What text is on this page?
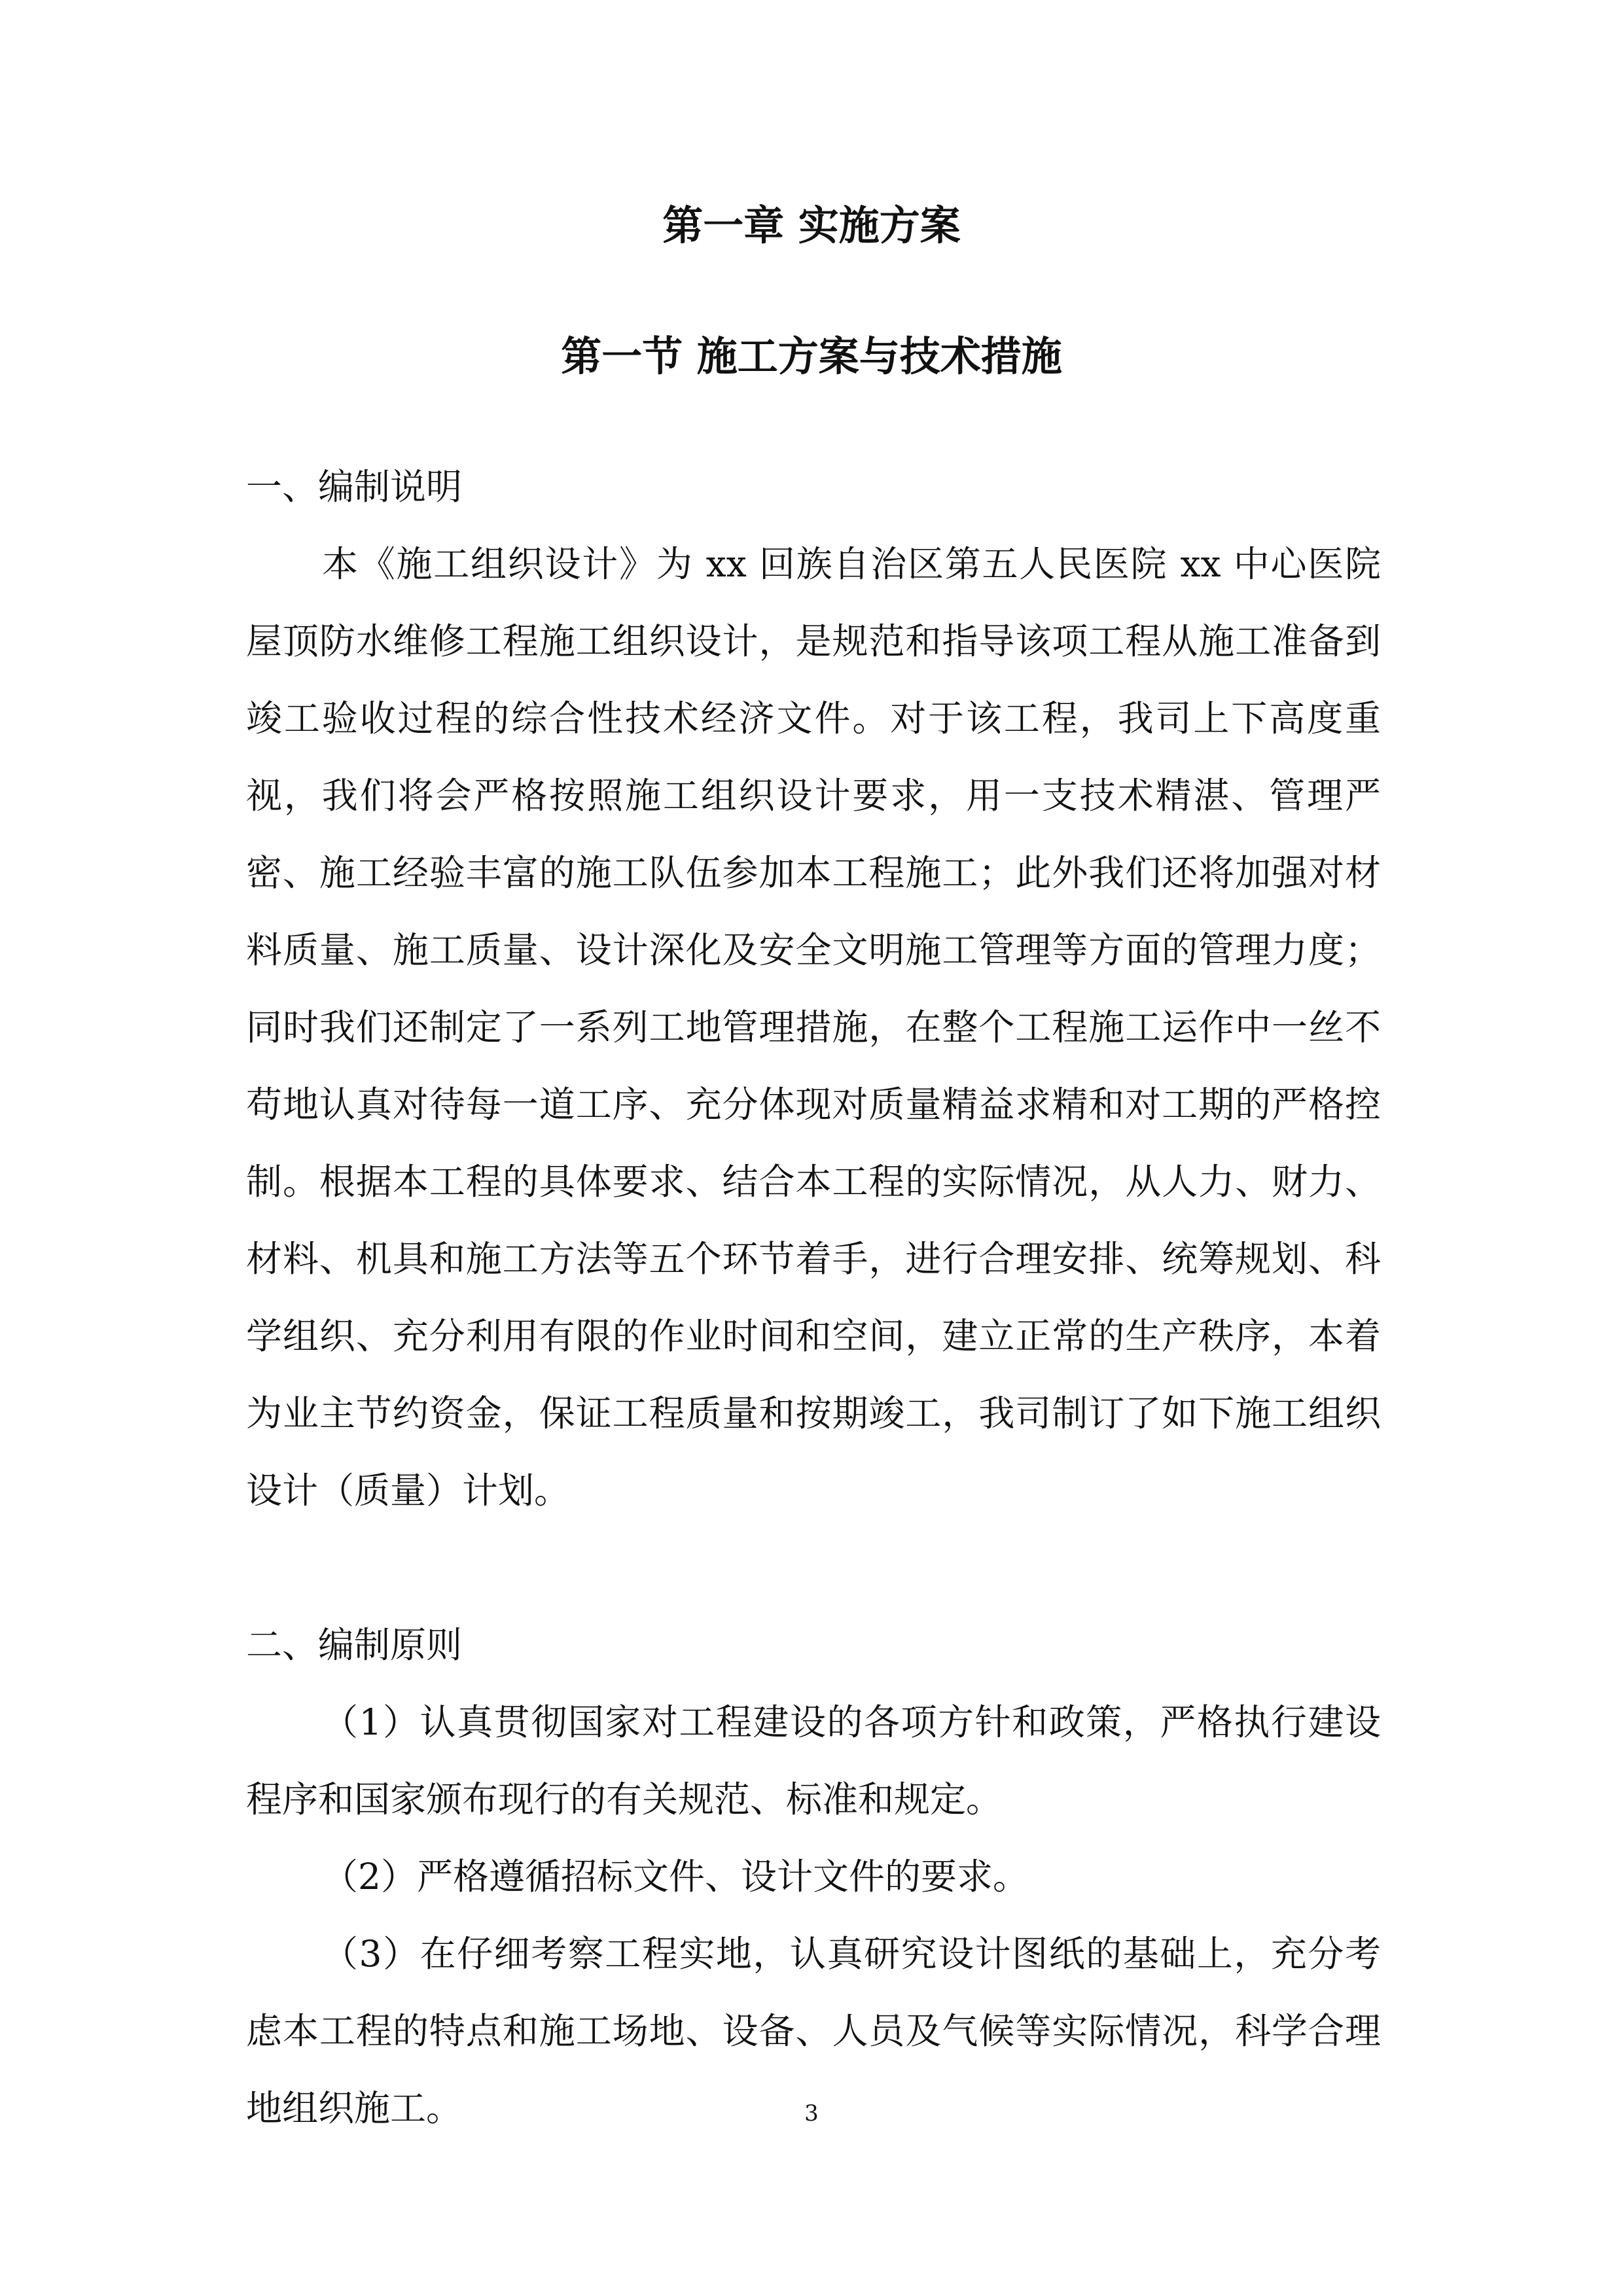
第一章 实施方案
第一节 施工方案与技术措施

一、编制说明

本《施工组织设计》为 xx 回族自治区第五人民医院 xx 中心医院屋顶防水维修工程施工组织设计，是规范和指导该项工程从施工准备到竣工验收过程的综合性技术经济文件。对于该工程，我司上下高度重视，我们将会严格按照施工组织设计要求，用一支技术精湛、管理严密、施工经验丰富的施工队伍参加本工程施工；此外我们还将加强对材料质量、施工质量、设计深化及安全文明施工管理等方面的管理力度；同时我们还制定了一系列工地管理措施，在整个工程施工运作中一丝不苟地认真对待每一道工序、充分体现对质量精益求精和对工期的严格控制。根据本工程的具体要求、结合本工程的实际情况，从人力、财力、材料、机具和施工方法等五个环节着手，进行合理安排、统筹规划、科学组织、充分利用有限的作业时间和空间，建立正常的生产秩序，本着为业主节约资金，保证工程质量和按期竣工，我司制订了如下施工组织设计（质量）计划。

二、编制原则

（1）认真贯彻国家对工程建设的各项方针和政策，严格执行建设程序和国家颁布现行的有关规范、标准和规定。

（2）严格遵循招标文件、设计文件的要求。

（3）在仔细考察工程实地，认真研究设计图纸的基础上，充分考虑本工程的特点和施工场地、设备、人员及气候等实际情况，科学合理地组织施工。	3
